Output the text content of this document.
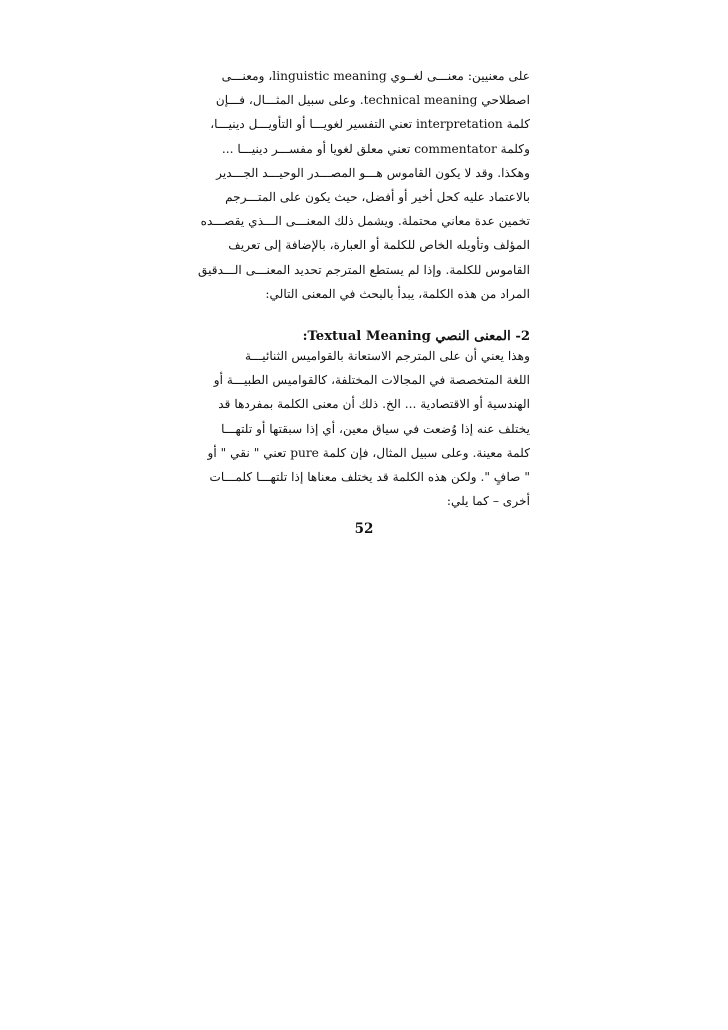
على معنيين: معنـــى لغــوي linguistic meaning، ومعنـــى
اصطلاحي technical meaning. وعلى سبيل المثـــال، فـــإن
كلمة interpretation تعني التفسير لغويـــا أو التأويـــل دينيـــا،
وكلمة commentator تعني معلق لغويا أو مفســـر دينيـــا ...
وهكذا. وقد لا يكون القاموس هـــو المصـــدر الوحيـــد الجـــدير
بالاعتماد عليه كحل أخير أو أفضل، حيث يكون على المتـــرجم
تخمين عدة معاني محتملة. ويشمل ذلك المعنـــى الـــذي يقصـــده
المؤلف وتأويله الخاص للكلمة أو العبارة، بالإضافة إلى تعريف
القاموس للكلمة. وإذا لم يستطع المترجم تحديد المعنـــى الـــدقيق
المراد من هذه الكلمة، يبدأ بالبحث في المعنى التالي:
2- المعنى النصي Textual Meaning:
وهذا يعني أن على المترجم الاستعانة بالقواميس الثنائيـــة
اللغة المتخصصة في المجالات المختلفة، كالقواميس الطبيـــة أو
الهندسية أو الاقتصادية ... الخ. ذلك أن معنى الكلمة بمفردها قد
يختلف عنه إذا وُضعت في سياق معين، أي إذا سبقتها أو تلتهـــا
كلمة معينة. وعلى سبيل المثال، فإن كلمة pure تعني " نقي " أو
" صافٍ ". ولكن هذه الكلمة قد يختلف معناها إذا تلتهـــا كلمـــات
أخرى – كما يلي:
52
